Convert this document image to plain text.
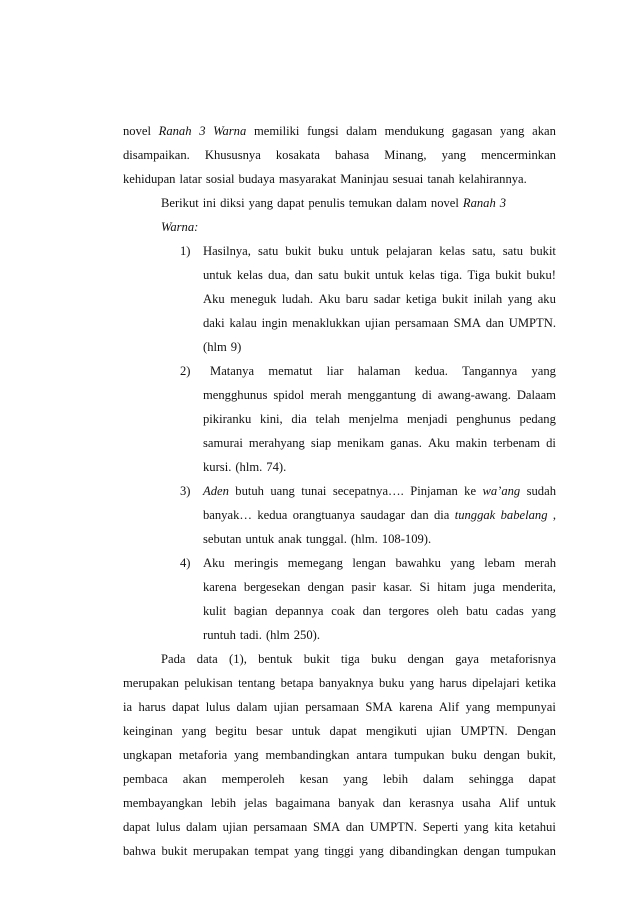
novel Ranah 3 Warna memiliki fungsi dalam mendukung gagasan yang akan
disampaikan. Khususnya kosakata bahasa Minang, yang mencerminkan
kehidupan latar sosial budaya masyarakat Maninjau sesuai tanah kelahirannya.
Berikut ini diksi yang dapat penulis temukan dalam novel Ranah 3
Warna:
1) Hasilnya, satu bukit buku untuk pelajaran kelas satu, satu bukit
untuk kelas dua, dan satu bukit untuk kelas tiga. Tiga bukit buku!
Aku meneguk ludah. Aku baru sadar ketiga bukit inilah yang aku
daki kalau ingin menaklukkan ujian persamaan SMA dan UMPTN.
(hlm 9)
2) Matanya mematut liar halaman kedua. Tangannya yang
mengghunus spidol merah menggantung di awang-awang. Dalaam
pikiranku kini, dia telah menjelma menjadi penghunus pedang
samurai merahyang siap menikam ganas. Aku makin terbenam di
kursi. (hlm. 74).
3) Aden butuh uang tunai secepatnya…. Pinjaman ke wa’ang sudah
banyak… kedua orangtuanya saudagar dan dia tunggak babelang ,
sebutan untuk anak tunggal. (hlm. 108-109).
4) Aku meringis memegang lengan bawahku yang lebam merah
karena bergesekan dengan pasir kasar. Si hitam juga menderita,
kulit bagian depannya coak dan tergores oleh batu cadas yang
runtuh tadi. (hlm 250).
Pada data (1), bentuk bukit tiga buku dengan gaya metaforisnya
merupakan pelukisan tentang betapa banyaknya buku yang harus dipelajari ketika
ia harus dapat lulus dalam ujian persamaan SMA karena Alif yang mempunyai
keinginan yang begitu besar untuk dapat mengikuti ujian UMPTN. Dengan
ungkapan metaforia yang membandingkan antara tumpukan buku dengan bukit,
pembaca akan memperoleh kesan yang lebih dalam sehingga dapat
membayangkan lebih jelas bagaimana banyak dan kerasnya usaha Alif untuk
dapat lulus dalam ujian persamaan SMA dan UMPTN. Seperti yang kita ketahui
bahwa bukit merupakan tempat yang tinggi yang dibandingkan dengan tumpukan
